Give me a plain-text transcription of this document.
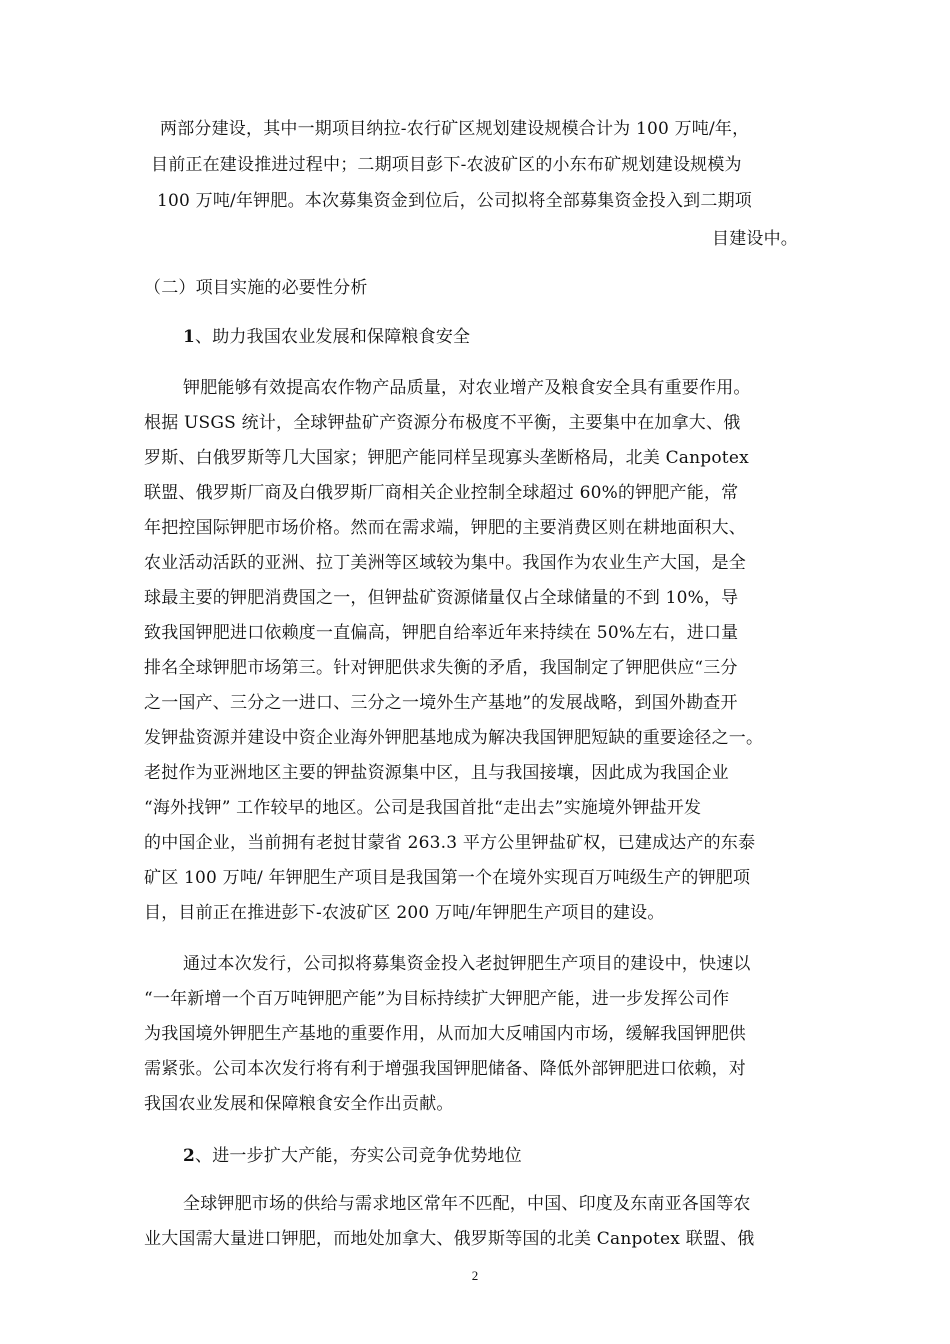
两部分建设，其中一期项目纳拉-农行矿区规划建设规模合计为 100 万吨/年，
目前正在建设推进过程中；二期项目彭下-农波矿区的小东布矿规划建设规模为
100 万吨/年钾肥。本次募集资金到位后，公司拟将全部募集资金投入到二期项
目建设中。
（二）项目实施的必要性分析
1、助力我国农业发展和保障粮食安全
钾肥能够有效提高农作物产品质量，对农业增产及粮食安全具有重要作用。
根据 USGS 统计，全球钾盐矿产资源分布极度不平衡，主要集中在加拿大、俄
罗斯、白俄罗斯等几大国家；钾肥产能同样呈现寡头垄断格局，北美 Canpotex
联盟、俄罗斯厂商及白俄罗斯厂商相关企业控制全球超过 60%的钾肥产能，常
年把控国际钾肥市场价格。然而在需求端，钾肥的主要消费区则在耕地面积大、
农业活动活跃的亚洲、拉丁美洲等区域较为集中。我国作为农业生产大国，是全
球最主要的钾肥消费国之一，但钾盐矿资源储量仅占全球储量的不到 10%，导
致我国钾肥进口依赖度一直偏高，钾肥自给率近年来持续在 50%左右，进口量
排名全球钾肥市场第三。针对钾肥供求失衡的矛盾，我国制定了钾肥供应“三分
之一国产、三分之一进口、三分之一境外生产基地”的发展战略，到国外勘查开
发钾盐资源并建设中资企业海外钾肥基地成为解决我国钾肥短缺的重要途径之一。
老挝作为亚洲地区主要的钾盐资源集中区，且与我国接壤，因此成为我国企业
“海外找钾” 工作较早的地区。公司是我国首批“走出去”实施境外钾盐开发
的中国企业，当前拥有老挝甘蒙省 263.3 平方公里钾盐矿权，已建成达产的东泰
矿区 100 万吨/ 年钾肥生产项目是我国第一个在境外实现百万吨级生产的钾肥项
目，目前正在推进彭下-农波矿区 200 万吨/年钾肥生产项目的建设。
通过本次发行，公司拟将募集资金投入老挝钾肥生产项目的建设中，快速以
“一年新增一个百万吨钾肥产能”为目标持续扩大钾肥产能，进一步发挥公司作
为我国境外钾肥生产基地的重要作用，从而加大反哺国内市场，缓解我国钾肥供
需紧张。公司本次发行将有利于增强我国钾肥储备、降低外部钾肥进口依赖，对
我国农业发展和保障粮食安全作出贡献。
2、进一步扩大产能，夯实公司竞争优势地位
全球钾肥市场的供给与需求地区常年不匹配，中国、印度及东南亚各国等农
业大国需大量进口钾肥，而地处加拿大、俄罗斯等国的北美 Canpotex 联盟、俄
2
